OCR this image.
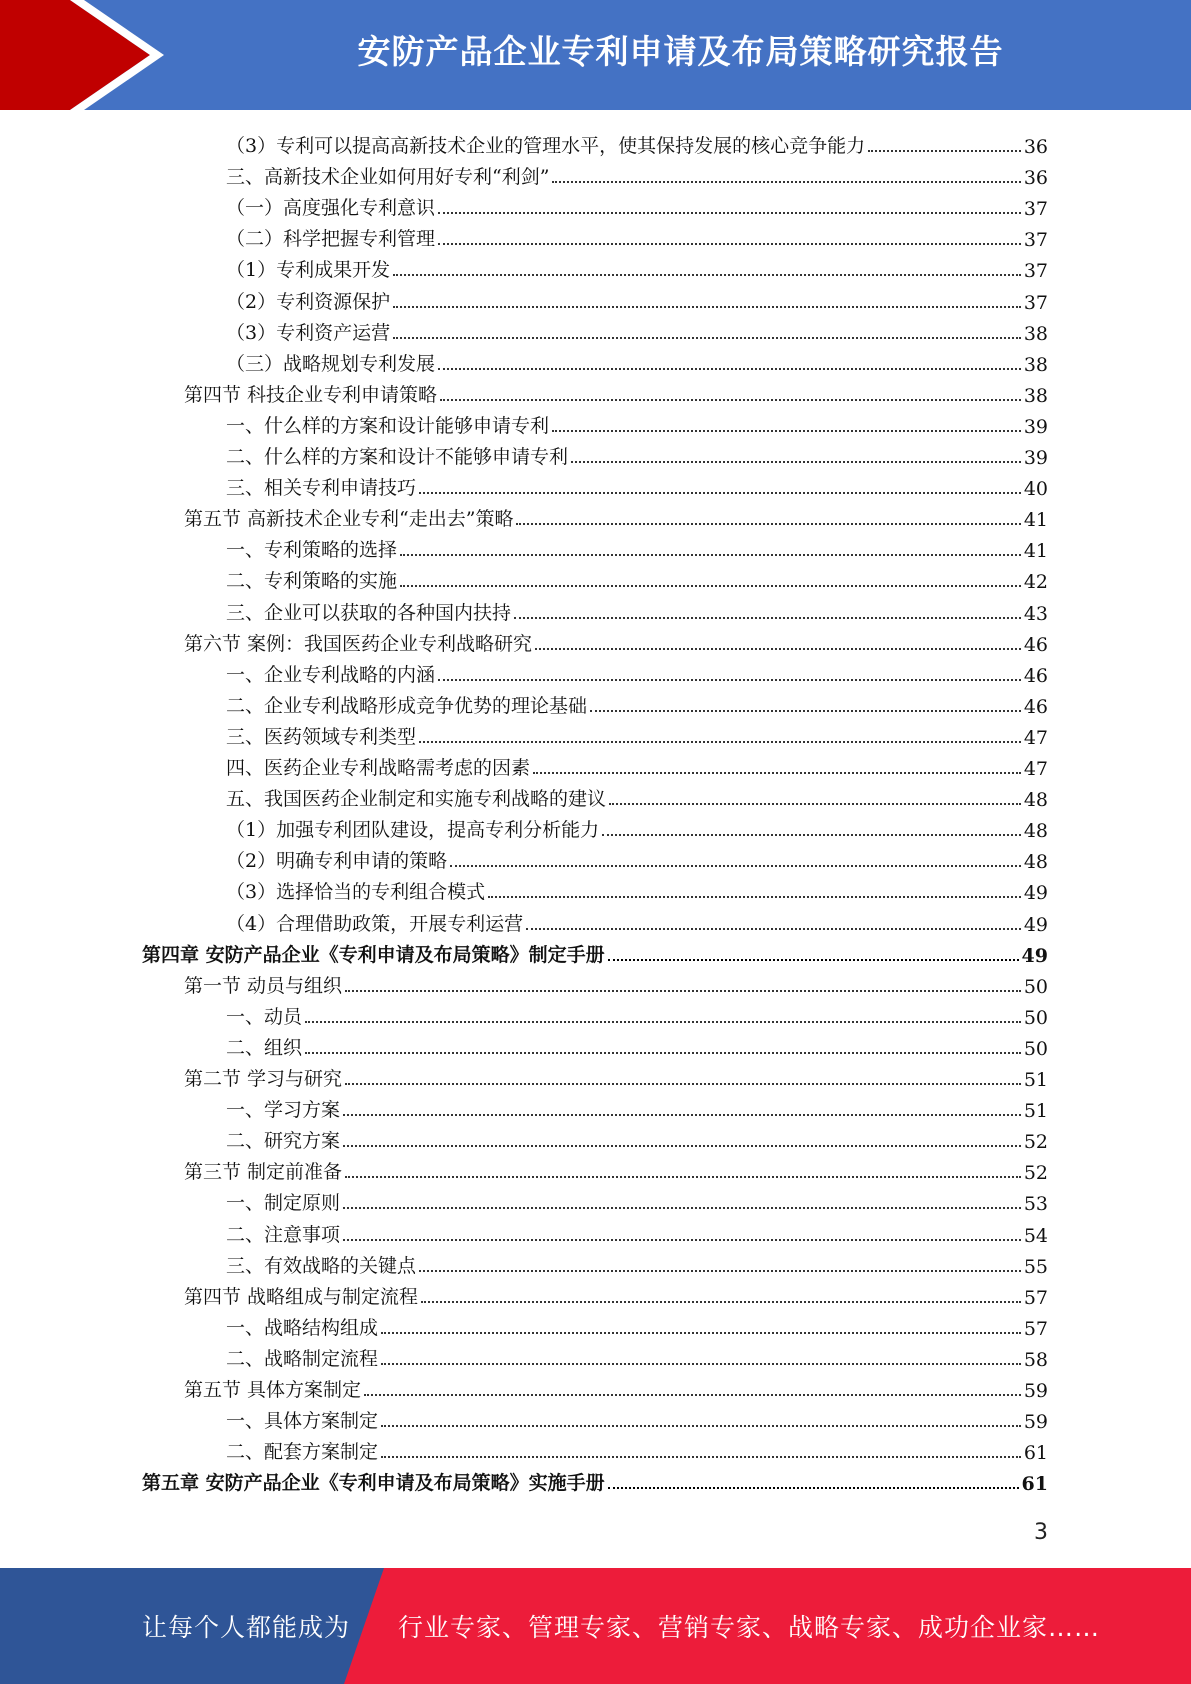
安防产品企业专利申请及布局策略研究报告
（3）专利可以提高高新技术企业的管理水平，使其保持发展的核心竞争能力	36
三、高新技术企业如何用好专利“利剑”	36
（一）高度强化专利意识	37
（二）科学把握专利管理	37
（1）专利成果开发	37
（2）专利资源保护	37
（3）专利资产运营	38
（三）战略规划专利发展	38
第四节 科技企业专利申请策略	38
一、什么样的方案和设计能够申请专利	39
二、什么样的方案和设计不能够申请专利	39
三、相关专利申请技巧	40
第五节 高新技术企业专利“走出去”策略	41
一、专利策略的选择	41
二、专利策略的实施	42
三、企业可以获取的各种国内扶持	43
第六节 案例：我国医药企业专利战略研究	46
一、企业专利战略的内涵	46
二、企业专利战略形成竞争优势的理论基础	46
三、医药领域专利类型	47
四、医药企业专利战略需考虑的因素	47
五、我国医药企业制定和实施专利战略的建议	48
（1）加强专利团队建设，提高专利分析能力	48
（2）明确专利申请的策略	48
（3）选择恰当的专利组合模式	49
（4）合理借助政策，开展专利运营	49
第四章 安防产品企业《专利申请及布局策略》制定手册	49
第一节 动员与组织	50
一、动员	50
二、组织	50
第二节 学习与研究	51
一、学习方案	51
二、研究方案	52
第三节 制定前准备	52
一、制定原则	53
二、注意事项	54
三、有效战略的关键点	55
第四节 战略组成与制定流程	57
一、战略结构组成	57
二、战略制定流程	58
第五节 具体方案制定	59
一、具体方案制定	59
二、配套方案制定	61
第五章 安防产品企业《专利申请及布局策略》实施手册	61
3
让每个人都能成为 行业专家、管理专家、营销专家、战略专家、成功企业家……
